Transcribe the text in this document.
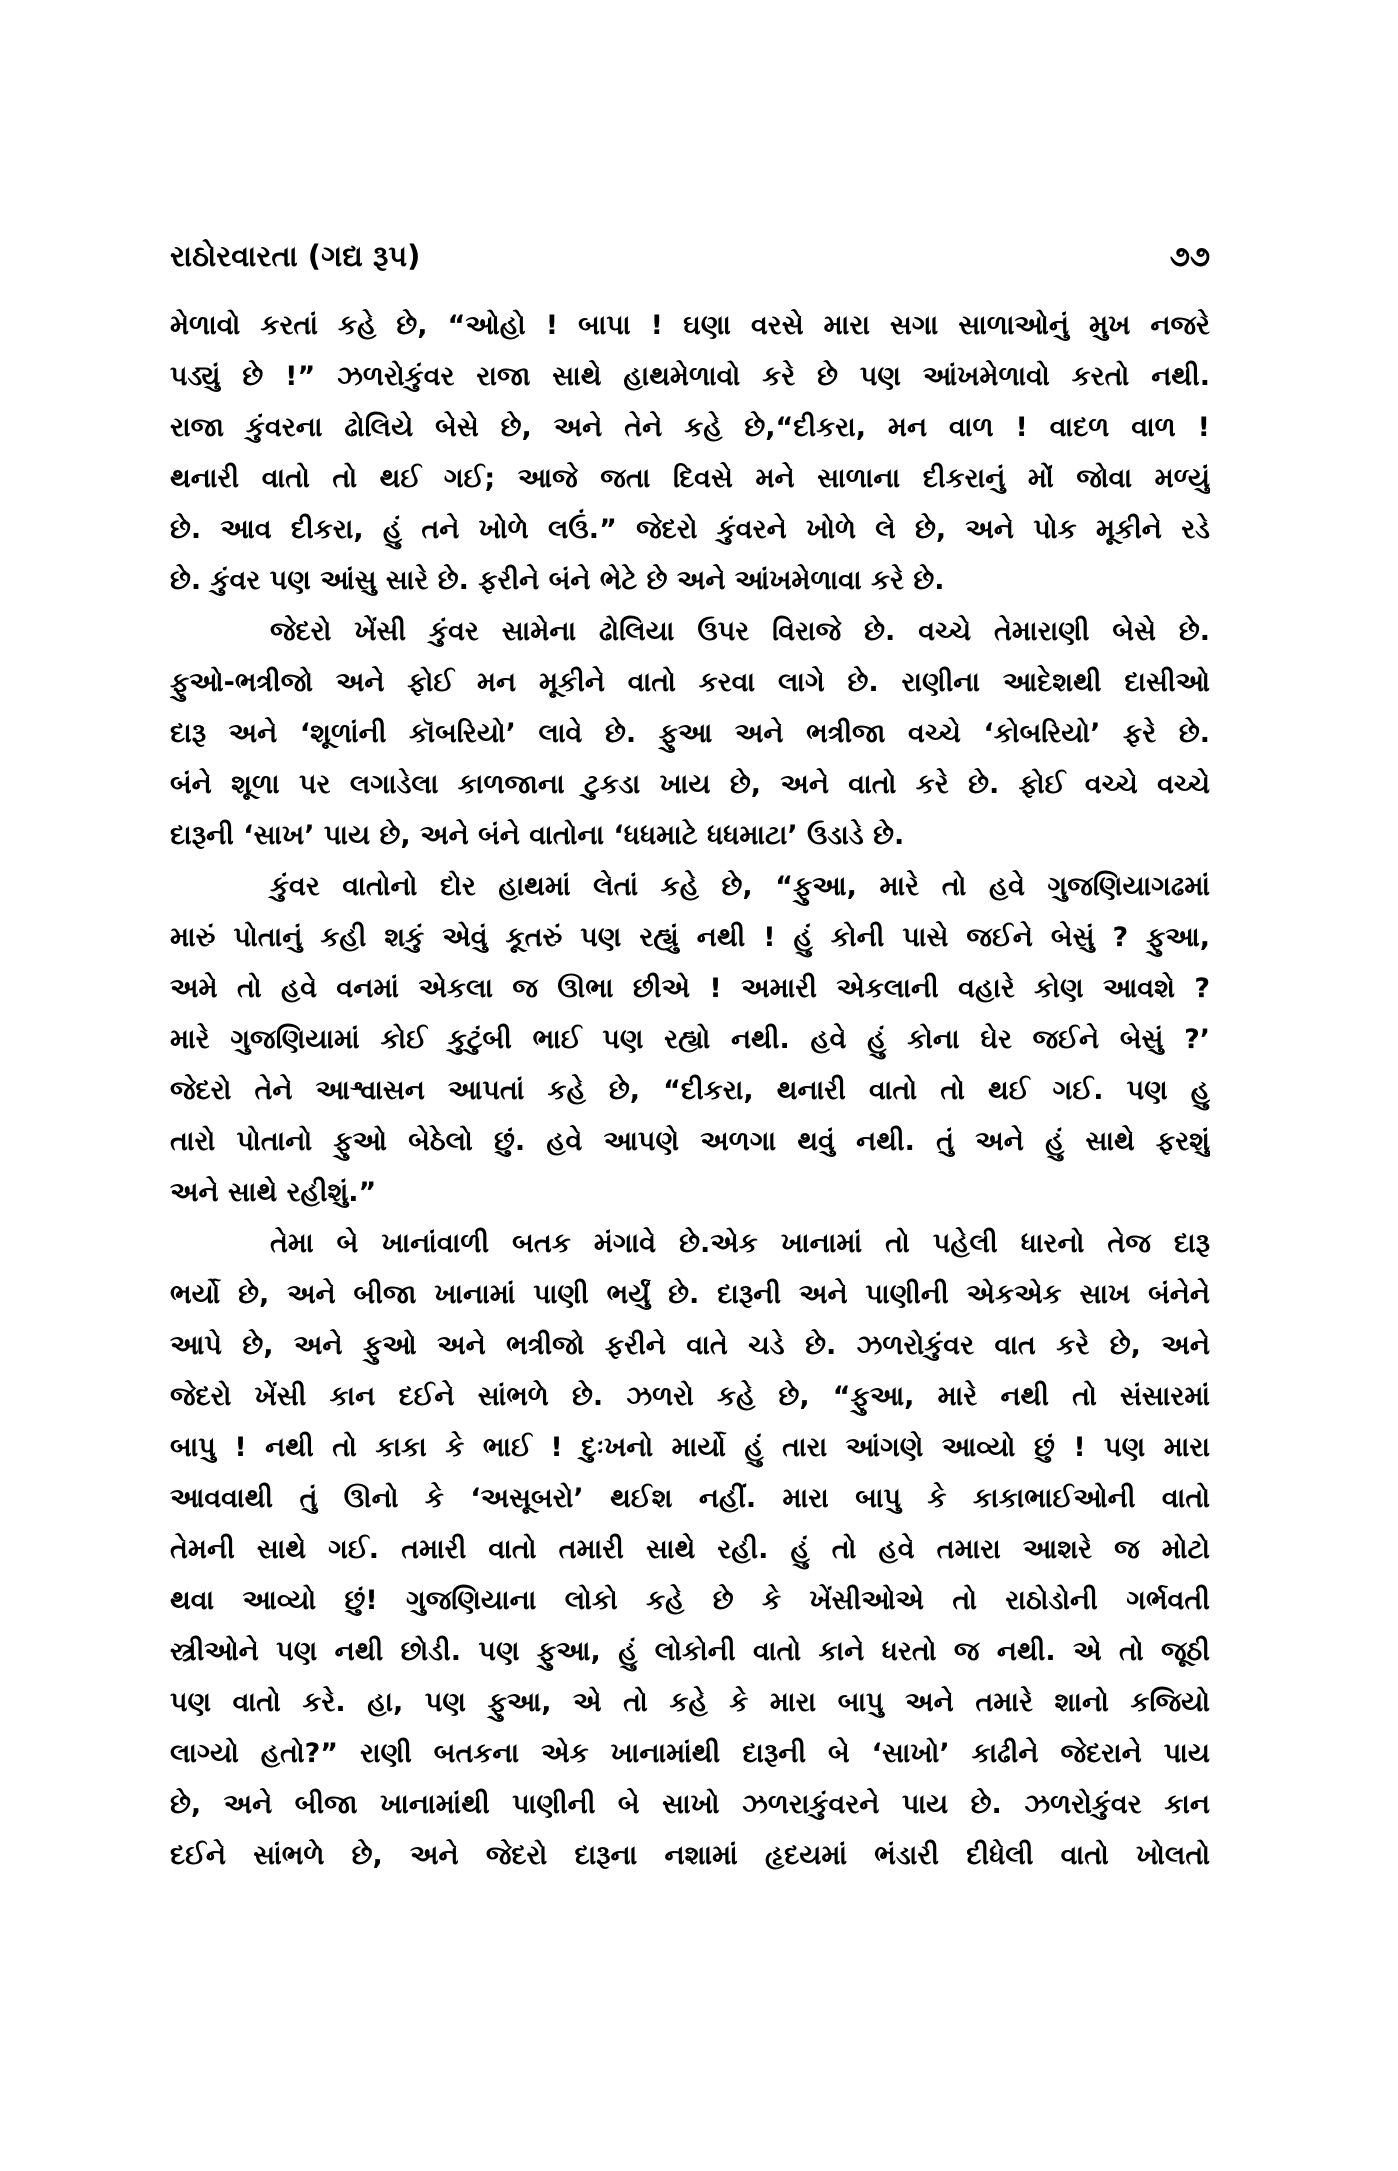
રાઠોરવારતા (ગદ્ય રૂપ)	૭૭
મેળાવો કરતાં કહે છે, “ઓહો ! બાપા ! ઘણા વરસે મારા સગા સાળાઓનું મુખ નજરે
પડ્યું છે !” ઝળરોકુંવર રાજા સાથે હાથમેળાવો કરે છે પણ આંખમેળાવો કરતો નથી.
રાજા કુંવરના ઢોલિયે બેસે છે, અને તેને કહે છે,“દીકરા, મન વાળ ! વાદળ વાળ !
થનારી વાતો તો થઈ ગઈ; આજે જતા દિવસે મને સાળાના દીકરાનું મોં જોવા મળ્યું
છે. આવ દીકરા, હું તને ખોળે લઉં.” જેદરો કુંવરને ખોળે લે છે, અને પોક મૂકીને રડે
છે. કુંવર પણ આંસુ સારે છે. ફરીને બંને ભેટે છે અને આંખમેળાવા કરે છે.
જેદરો ખેંસી કુંવર સામેના ઢોલિયા ઉપર વિરાજે છે. વચ્ચે તેમારાણી બેસે છે.
ફુઓ-ભત્રીજો અને ફોઈ મન મૂકીને વાતો કરવા લાગે છે. રાણીના આદેશથી દાસીઓ
દારૂ અને ‘શૂળાંની કૉબરિયો’ લાવે છે. ફુઆ અને ભત્રીજા વચ્ચે ‘કોબરિયો’ ફરે છે.
બંને શૂળા પર લગાડેલા કાળજાના ટુકડા ખાય છે, અને વાતો કરે છે. ફોઈ વચ્ચે વચ્ચે
દારૂની ‘સાખ’ પાય છે, અને બંને વાતોના ‘ધધમાટે ધધમાટા’ ઉડાડે છે.
કુંવર વાતોનો દોર હાથમાં લેતાં કહે છે, “ફુઆ, મારે તો હવે ગુજણિયાગઢમાં
મારું પોતાનું કહી શકું એવું કૂતરું પણ રહ્યું નથી ! હું કોની પાસે જઈને બેસું ? ફુઆ,
અમે તો હવે વનમાં એકલા જ ઊભા છીએ ! અમારી એકલાની વહારે કોણ આવશે ?
મારે ગુજણિયામાં કોઈ કુટુંબી ભાઈ પણ રહ્યો નથી. હવે હું કોના ઘેર જઈને બેસું ?’
જેદરો તેને આશ્વાસન આપતાં કહે છે, “દીકરા, થનારી વાતો તો થઈ ગઈ. પણ હુ
તારો પોતાનો ફુઓ બેઠેલો છું. હવે આપણે અળગા થવું નથી. તું અને હું સાથે ફરશું
અને સાથે રહીશું.”
તેમા બે ખાનાંવાળી બતક મંગાવે છે.એક ખાનામાં તો પહેલી ધારનો તેજ દારૂ
ભર્યો છે, અને બીજા ખાનામાં પાણી ભર્યું છે. દારૂની અને પાણીની એકએક સાખ બંનેને
આપે છે, અને ફુઓ અને ભત્રીજો ફરીને વાતે ચડે છે. ઝળરોકુંવર વાત કરે છે, અને
જેદરો ખેંસી કાન દઈને સાંભળે છે. ઝળરો કહે છે, “ફુઆ, મારે નથી તો સંસારમાં
બાપુ ! નથી તો કાકા કે ભાઈ ! દુઃખનો માર્યો હું તારા આંગણે આવ્યો છું ! પણ મારા
આવવાથી તું ઊનો કે ‘અસૂબરો’ થઈશ નહીં. મારા બાપુ કે કાકાભાઈઓની વાતો
તેમની સાથે ગઈ. તમારી વાતો તમારી સાથે રહી. હું તો હવે તમારા આશરે જ મોટો
થવા આવ્યો છું! ગુજણિયાના લોકો કહે છે કે ખેંસીઓએ તો રાઠોડોની ગર્ભવતી
સ્ત્રીઓને પણ નથી છોડી. પણ ફુઆ, હું લોકોની વાતો કાને ધરતો જ નથી. એ તો જૂઠી
પણ વાતો કરે. હા, પણ ફુઆ, એ તો કહે કે મારા બાપુ અને તમારે શાનો કજિયો
લાગ્યો હતો?” રાણી બતકના એક ખાનામાંથી દારૂની બે ‘સાખો’ કાઢીને જેદરાને પાય
છે, અને બીજા ખાનામાંથી પાણીની બે સાખો ઝળરાકુંવરને પાય છે. ઝળરોકુંવર કાન
દઈને સાંભળે છે, અને જેદરો દારૂના નશામાં હૃદયમાં ભંડારી દીધેલી વાતો ખોલતો
